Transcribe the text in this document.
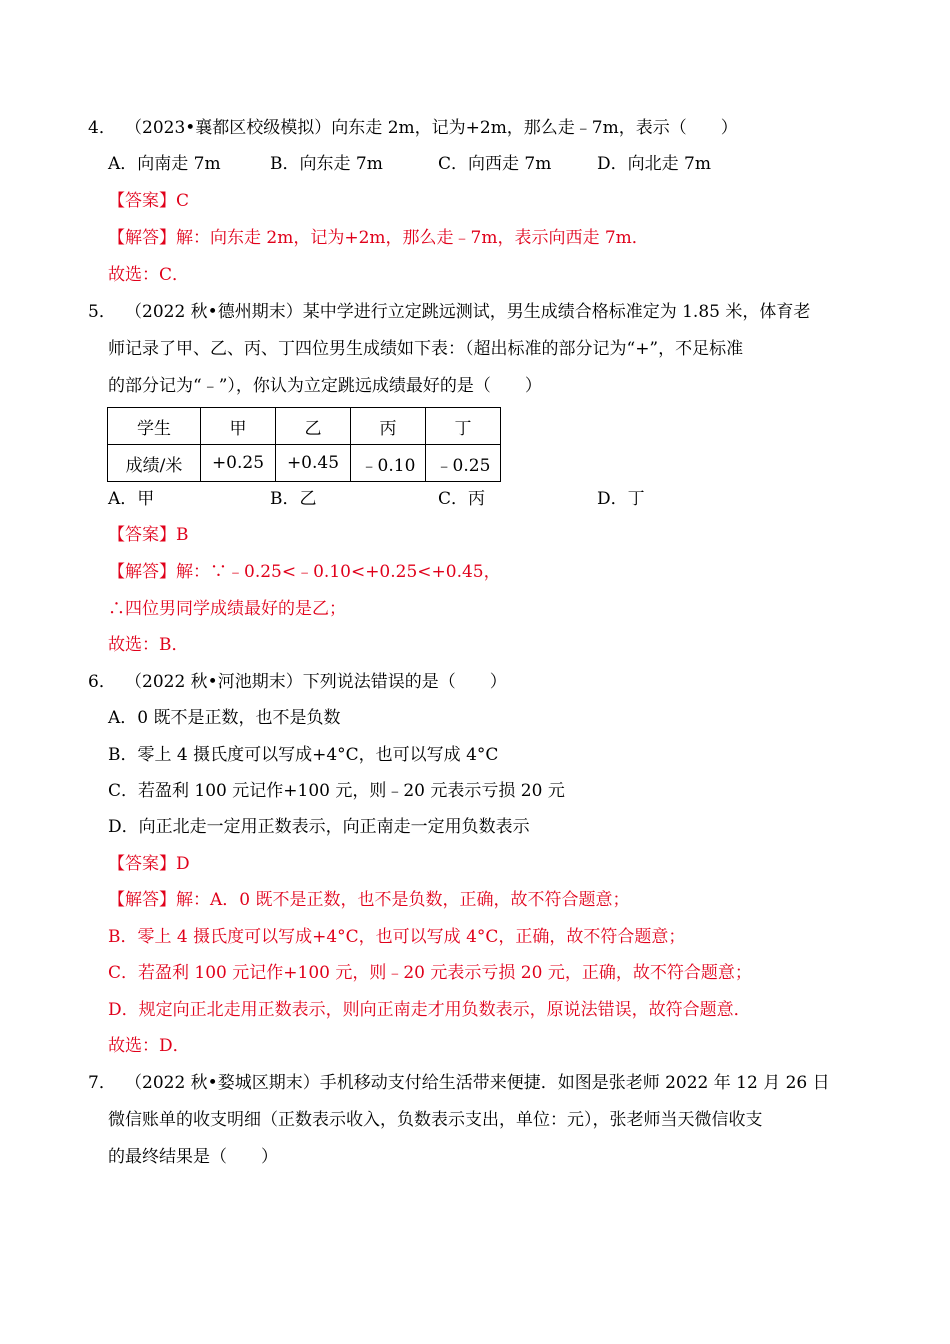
4． （2023•襄都区校级模拟）向东走 2m，记为+2m，那么走﹣7m，表示（　　）
A．向南走 7m	B．向东走 7m	C．向西走 7m	D．向北走 7m
【答案】C
【解答】解：向东走 2m，记为+2m，那么走﹣7m，表示向西走 7m．
故选：C．
5． （2022 秋•德州期末）某中学进行立定跳远测试，男生成绩合格标准定为 1.85 米，体育老
师记录了甲、乙、丙、丁四位男生成绩如下表：（超出标准的部分记为“+”，不足标准
的部分记为“﹣”），你认为立定跳远成绩最好的是（　　）
学生	甲	乙	丙	丁
成绩/米	+0.25	+0.45	﹣0.10	﹣0.25
A．甲	B．乙	C．丙	D．丁
【答案】B
【解答】解：∵﹣0.25<﹣0.10<+0.25<+0.45，
∴四位男同学成绩最好的是乙；
故选：B．
6． （2022 秋•河池期末）下列说法错误的是（　　）
A．0 既不是正数，也不是负数
B．零上 4 摄氏度可以写成+4°C，也可以写成 4°C
C．若盈利 100 元记作+100 元，则﹣20 元表示亏损 20 元
D．向正北走一定用正数表示，向正南走一定用负数表示
【答案】D
【解答】解：A．0 既不是正数，也不是负数，正确，故不符合题意；
B．零上 4 摄氏度可以写成+4°C，也可以写成 4°C，正确，故不符合题意；
C．若盈利 100 元记作+100 元，则﹣20 元表示亏损 20 元，正确，故不符合题意；
D．规定向正北走用正数表示，则向正南走才用负数表示，原说法错误，故符合题意．
故选：D．
7． （2022 秋•婺城区期末）手机移动支付给生活带来便捷．如图是张老师 2022 年 12 月 26 日
微信账单的收支明细（正数表示收入，负数表示支出，单位：元），张老师当天微信收支
的最终结果是（　　）
